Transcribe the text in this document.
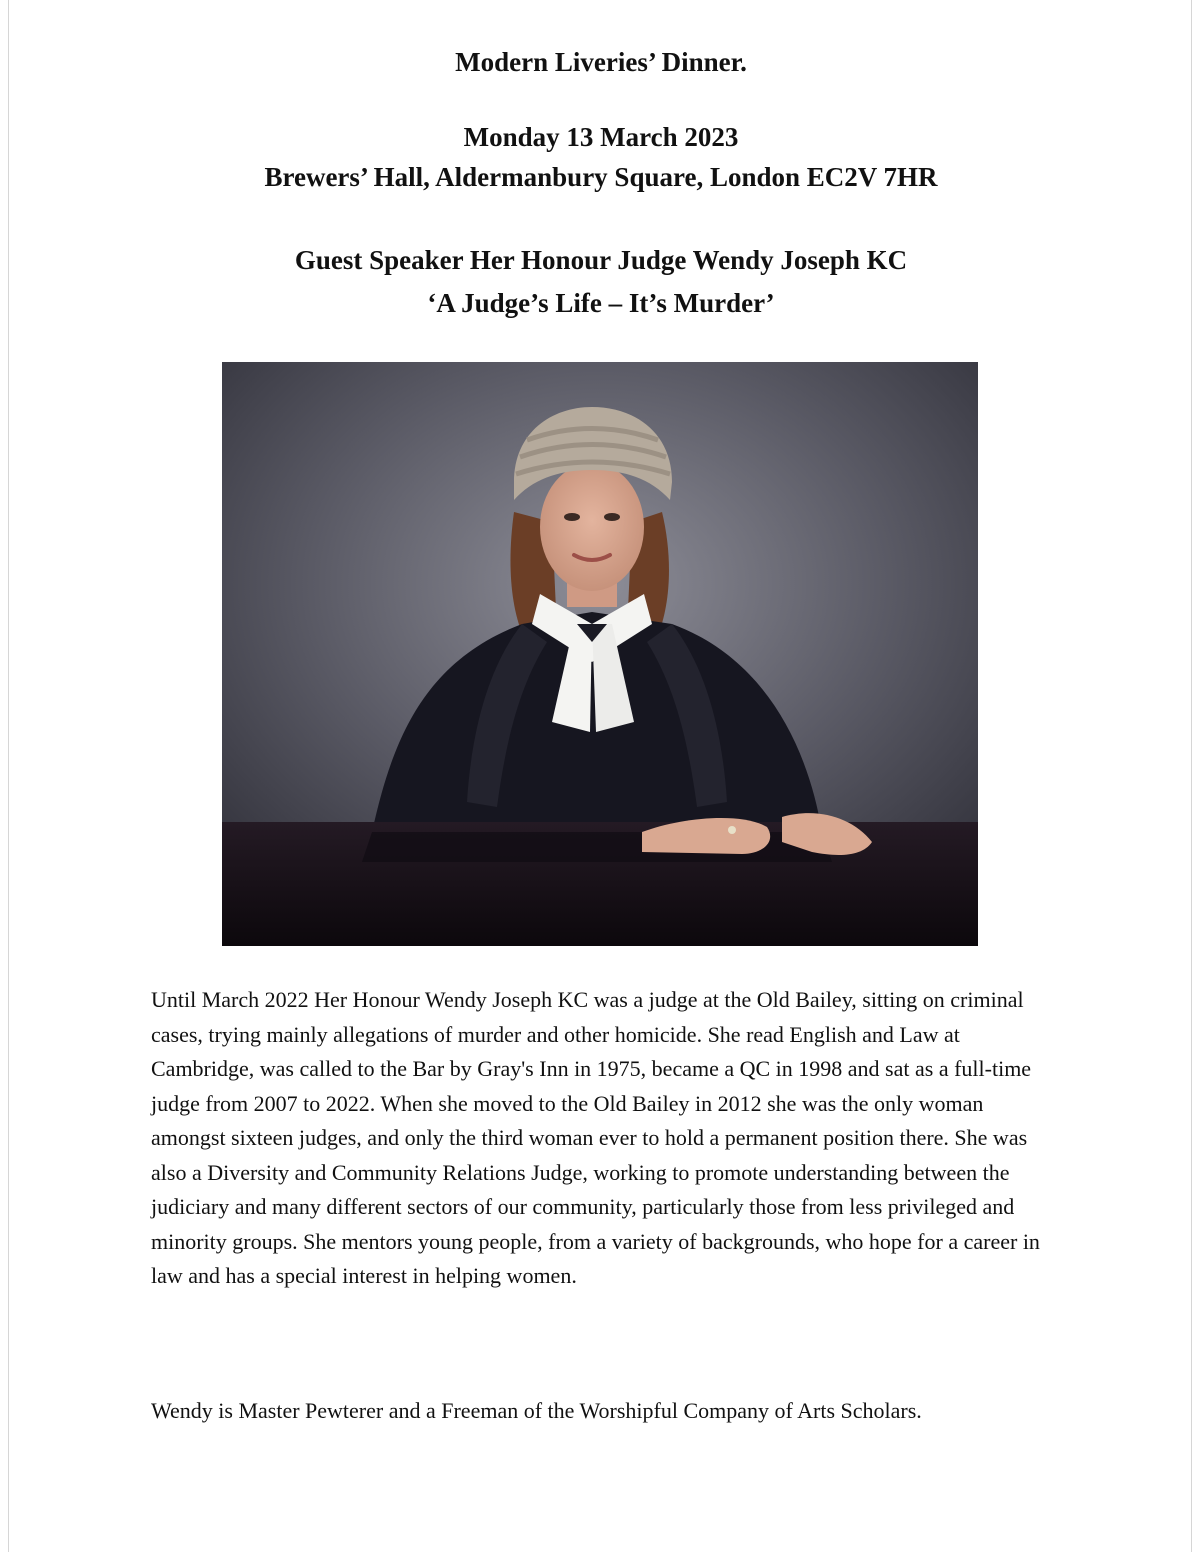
Modern Liveries’ Dinner.
Monday 13 March 2023
Brewers’ Hall, Aldermanbury Square, London EC2V 7HR
Guest Speaker Her Honour Judge Wendy Joseph KC
‘A Judge’s Life – It’s Murder’

Until March 2022 Her Honour Wendy Joseph KC was a judge at the Old Bailey, sitting on criminal cases, trying mainly allegations of murder and other homicide. She read English and Law at Cambridge, was called to the Bar by Gray's Inn in 1975, became a QC in 1998 and sat as a full-time judge from 2007 to 2022. When she moved to the Old Bailey in 2012 she was the only woman amongst sixteen judges, and only the third woman ever to hold a permanent position there. She was also a Diversity and Community Relations Judge, working to promote understanding between the judiciary and many different sectors of our community, particularly those from less privileged and minority groups. She mentors young people, from a variety of backgrounds, who hope for a career in law and has a special interest in helping women.

Wendy is Master Pewterer and a Freeman of the Worshipful Company of Arts Scholars.
